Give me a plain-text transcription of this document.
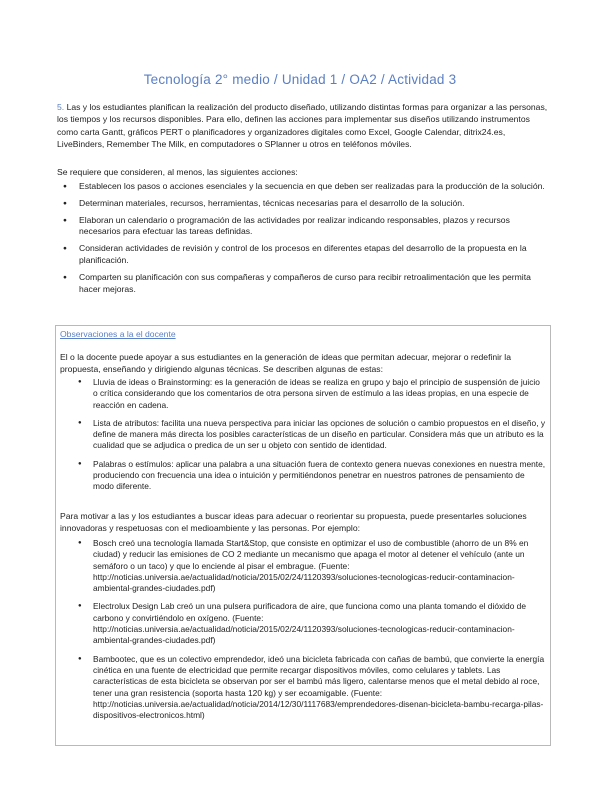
Tecnología 2° medio / Unidad 1 / OA2 / Actividad 3
5. Las y los estudiantes planifican la realización del producto diseñado, utilizando distintas formas para organizar a las personas, los tiempos y los recursos disponibles. Para ello, definen las acciones para implementar sus diseños utilizando instrumentos como carta Gantt, gráficos PERT o planificadores y organizadores digitales como Excel, Google Calendar, ditrix24.es, LiveBinders, Remember The Milk, en computadores o SPlanner u otros en teléfonos móviles.
Se requiere que consideren, al menos, las siguientes acciones:
● Establecen los pasos o acciones esenciales y la secuencia en que deben ser realizadas para la producción de la solución.
● Determinan materiales, recursos, herramientas, técnicas necesarias para el desarrollo de la solución.
● Elaboran un calendario o programación de las actividades por realizar indicando responsables, plazos y recursos necesarios para efectuar las tareas definidas.
● Consideran actividades de revisión y control de los procesos en diferentes etapas del desarrollo de la propuesta en la planificación.
● Comparten su planificación con sus compañeras y compañeros de curso para recibir retroalimentación que les permita hacer mejoras.
Observaciones a la el docente
El o la docente puede apoyar a sus estudiantes en la generación de ideas que permitan adecuar, mejorar o redefinir la propuesta, enseñando y dirigiendo algunas técnicas. Se describen algunas de estas:
● Lluvia de ideas o Brainstorming: es la generación de ideas se realiza en grupo y bajo el principio de suspensión de juicio o crítica considerando que los comentarios de otra persona sirven de estímulo a las ideas propias, en una especie de reacción en cadena.
● Lista de atributos: facilita una nueva perspectiva para iniciar las opciones de solución o cambio propuestos en el diseño, y define de manera más directa los posibles características de un diseño en particular. Considera más que un atributo es la cualidad que se adjudica o predica de un ser u objeto con sentido de identidad.
● Palabras o estímulos: aplicar una palabra a una situación fuera de contexto genera nuevas conexiones en nuestra mente, produciendo con frecuencia una idea o intuición y permitiéndonos penetrar en nuestros patrones de pensamiento de modo diferente.
Para motivar a las y los estudiantes a buscar ideas para adecuar o reorientar su propuesta, puede presentarles soluciones innovadoras y respetuosas con el medioambiente y las personas. Por ejemplo:
● Bosch creó una tecnología llamada Start&Stop, que consiste en optimizar el uso de combustible (ahorro de un 8% en ciudad) y reducir las emisiones de CO 2 mediante un mecanismo que apaga el motor al detener el vehículo (ante un semáforo o un taco) y que lo enciende al pisar el embrague. (Fuente: http://noticias.universia.ae/actualidad/noticia/2015/02/24/1120393/soluciones-tecnologicas-reducir-contaminacion-ambiental-grandes-ciudades.pdf)
● Electrolux Design Lab creó un una pulsera purificadora de aire, que funciona como una planta tomando el dióxido de carbono y convirtiéndolo en oxígeno. (Fuente: http://noticias.universia.ae/actualidad/noticia/2015/02/24/1120393/soluciones-tecnologicas-reducir-contaminacion-ambiental-grandes-ciudades.pdf)
● Bambootec, que es un colectivo emprendedor, ideó una bicicleta fabricada con cañas de bambú, que convierte la energía cinética en una fuente de electricidad que permite recargar dispositivos móviles, como celulares y tablets. Las características de esta bicicleta se observan por ser el bambú más ligero, calentarse menos que el metal debido al roce, tener una gran resistencia (soporta hasta 120 kg) y ser ecoamigable. (Fuente: http://noticias.universia.ae/actualidad/noticia/2014/12/30/1117683/emprendedores-disenan-bicicleta-bambu-recarga-pilas-dispositivos-electronicos.html)
